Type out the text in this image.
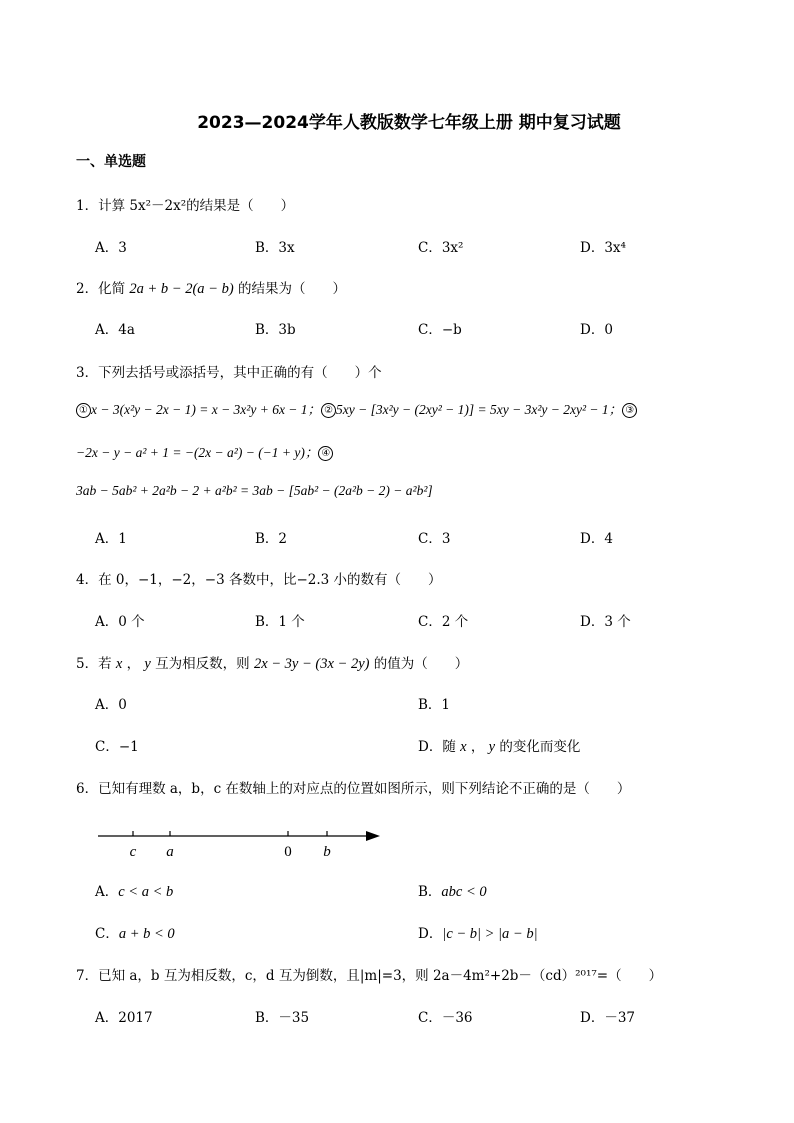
2023—2024学年人教版数学七年级上册 期中复习试题
一、单选题
1．计算 5x²－2x²的结果是（　　）
A．3	B．3x	C．3x²	D．3x⁴
2．化简 2a + b − 2(a − b) 的结果为（　　）
A．4a	B．3b	C．−b	D．0
3．下列去括号或添括号，其中正确的有（　　）个
① x − 3(x²y − 2x − 1) = x − 3x²y + 6x − 1； ② 5xy − [3x²y − (2xy² − 1)] = 5xy − 3x²y − 2xy² − 1； ③
−2x − y − a² + 1 = −(2x − a²) − (−1 + y)； ④
3ab − 5ab² + 2a²b − 2 + a²b² = 3ab − [5ab² − (2a²b − 2) − a²b²]
A．1	B．2	C．3	D．4
4．在 0，−1，−2，−3 各数中，比−2.3 小的数有（　　）
A．0 个	B．1 个	C．2 个	D．3 个
5．若 x ， y 互为相反数，则 2x − 3y − (3x − 2y) 的值为（　　）
A．0	B．1
C．−1	D．随 x ， y 的变化而变化
6．已知有理数 a，b，c 在数轴上的对应点的位置如图所示，则下列结论不正确的是（　　）
c a	0 b
A．c < a < b	B．abc < 0
C．a + b < 0	D．|c − b| > |a − b|
7．已知 a，b 互为相反数，c，d 互为倒数，且|m|=3，则 2a－4m²+2b－（cd）²⁰¹⁷=（　　）
A．2017	B．－35	C．－36	D．－37
